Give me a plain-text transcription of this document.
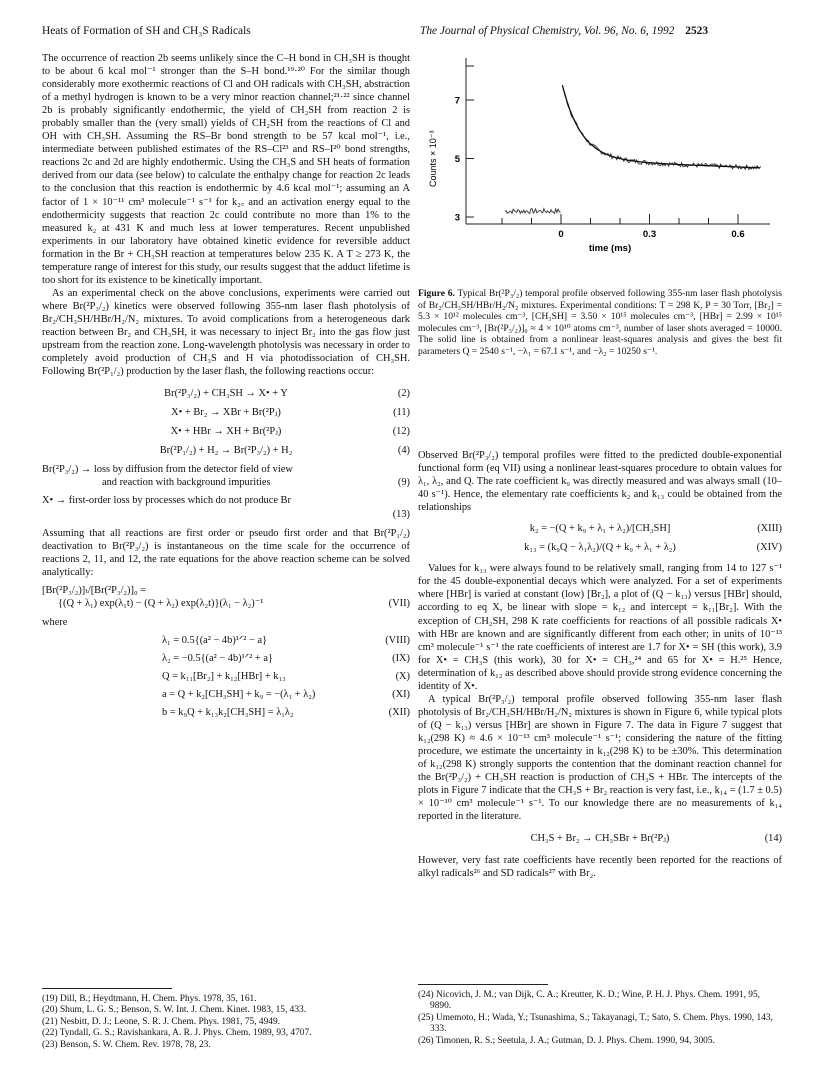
Heats of Formation of SH and CH₃S Radicals	The Journal of Physical Chemistry, Vol. 96, No. 6, 1992 2523

The occurrence of reaction 2b seems unlikely since the C–H bond in CH₃SH is thought to be about 6 kcal mol⁻¹ stronger than the S–H bond.¹⁹·²⁰ For the similar though considerably more exothermic reactions of Cl and OH radicals with CH₃SH, abstraction of a methyl hydrogen is known to be a very minor reaction channel;²¹·²² since channel 2b is probably significantly endothermic, the yield of CH₂SH from reaction 2 is probably smaller than the (very small) yields of CH₂SH from the reactions of Cl and OH with CH₃SH. Assuming the RS–Br bond strength to be 57 kcal mol⁻¹, i.e., intermediate between published estimates of the RS–Cl²³ and RS–I²⁰ bond strengths, reactions 2c and 2d are highly endothermic. Using the CH₃S and SH heats of formation derived from our data (see below) to calculate the enthalpy change for reaction 2c leads to the conclusion that this reaction is endothermic by 4.6 kcal mol⁻¹; assuming an A factor of 1 × 10⁻¹¹ cm³ molecule⁻¹ s⁻¹ for k₂꜀ and an activation energy equal to the endothermicity suggests that reaction 2c could contribute no more than 1% to the measured k₂ at 431 K and much less at lower temperatures. Recent unpublished experiments in our laboratory have obtained kinetic evidence for reversible adduct formation in the Br + CH₃SH reaction at temperatures below 235 K. A T ≥ 273 K, the temperature range of interest for this study, our results suggest that the adduct lifetime is too short for its existence to be kinetically important.

As an experimental check on the above conclusions, experiments were carried out where Br(²P₃/₂) kinetics were observed following 355-nm laser flash photolysis of Br₂/CH₃SH/HBr/H₂/N₂ mixtures. To avoid complications from a heterogeneous dark reaction between Br₂ and CH₃SH, it was necessary to inject Br₂ into the gas flow just upstream from the reaction zone. Long-wavelength photolysis was necessary in order to completely avoid production of CH₃S and H via photodissociation of CH₃SH. Following Br(²P₁/₂) production by the laser flash, the following reactions occur:

Br(²P₃/₂) + CH₃SH → X• + Y	(2)
X• + Br₂ → XBr + Br(²Pⱼ)	(11)
X• + HBr → XH + Br(²Pⱼ)	(12)
Br(²P₁/₂) + H₂ → Br(²P₃/₂) + H₂	(4)
Br(²P₃/₂) → loss by diffusion from the detector field of view
and reaction with background impurities	(9)
X• → first-order loss by processes which do not produce Br
(13)

Assuming that all reactions are first order or pseudo first order and that Br(²P₁/₂) deactivation to Br(²P₃/₂) is instantaneous on the time scale for the occurrence of reactions 2, 11, and 12, the rate equations for the above reaction scheme can be solved analytically:

[Br(²P₃/₂)]ₜ/[Br(²P₃/₂)]₀ =
{(Q + λ₁) exp(λ₁t) − (Q + λ₂) exp(λ₂t)}(λ₁ − λ₂)⁻¹	(VII)
where
λ₁ = 0.5{(a² − 4b)¹ᐟ² − a}	(VIII)
λ₂ = −0.5{(a² − 4b)¹ᐟ² + a}	(IX)
Q = k₁₁[Br₂] + k₁₂[HBr] + k₁₃	(X)
a = Q + k₂[CH₃SH] + k₉ = −(λ₁ + λ₂)	(XI)
b = k₉Q + k₁₃k₂[CH₃SH] = λ₁λ₂	(XII)
(19) Dill, B.; Heydtmann, H. Chem. Phys. 1978, 35, 161.
(20) Shum, L. G. S.; Benson, S. W. Int. J. Chem. Kinet. 1983, 15, 433.
(21) Nesbitt, D. J.; Leone, S. R. J. Chem. Phys. 1981, 75, 4949.
(22) Tyndall, G. S.; Ravishankara, A. R. J. Phys. Chem. 1989, 93, 4707.
(23) Benson, S. W. Chem. Rev. 1978, 78, 23.
Counts × 10⁻³
3
5
7
0	0.3	0.6
time (ms)
Figure 6. Typical Br(²P₃/₂) temporal profile observed following 355-nm laser flash photolysis of Br₂/CH₃SH/HBr/H₂/N₂ mixtures. Experimental conditions: T = 298 K, P = 30 Torr, [Br₂] = 5.3 × 10¹² molecules cm⁻³, [CH₃SH] = 3.50 × 10¹⁵ molecules cm⁻³, [HBr] = 2.99 × 10¹⁵ molecules cm⁻³, [Br(²P₃/₂)]₀ ≈ 4 × 10¹⁰ atoms cm⁻³, number of laser shots averaged = 10000. The solid line is obtained from a nonlinear least-squares analysis and gives the best fit parameters Q = 2540 s⁻¹, −λ₁ = 67.1 s⁻¹, and −λ₂ = 10250 s⁻¹.

Observed Br(²P₃/₂) temporal profiles were fitted to the predicted double-exponential functional form (eq VII) using a nonlinear least-squares procedure to obtain values for λ₁, λ₂, and Q. The rate coefficient k₉ was directly measured and was always small (10–40 s⁻¹). Hence, the elementary rate coefficients k₂ and k₁₃ could be obtained from the relationships

k₂ = −(Q + k₉ + λ₁ + λ₂)/[CH₃SH]	(XIII)
k₁₃ = (k₉Q − λ₁λ₂)/(Q + k₉ + λ₁ + λ₂)	(XIV)

Values for k₁₃ were always found to be relatively small, ranging from 14 to 127 s⁻¹ for the 45 double-exponential decays which were analyzed. For a set of experiments where [HBr] is varied at constant (low) [Br₂], a plot of (Q − k₁₃) versus [HBr] should, according to eq X, be linear with slope = k₁₂ and intercept = k₁₁[Br₂]. With the exception of CH₂SH, 298 K rate coefficients for reactions of all possible radicals X• with HBr are known and are significantly different from each other; in units of 10⁻¹³ cm³ molecule⁻¹ s⁻¹ the rate coefficients of interest are 1.7 for X• = SH (this work), 3.9 for X• = CH₃S (this work), 30 for X• = CH₃,²⁴ and 65 for X• = H.²⁵ Hence, determination of k₁₂ as described above should provide strong evidence concerning the identity of X•.

A typical Br(²P₃/₂) temporal profile observed following 355-nm laser flash photolysis of Br₂/CH₃SH/HBr/H₂/N₂ mixtures is shown in Figure 6, while typical plots of (Q − k₁₃) versus [HBr] are shown in Figure 7. The data in Figure 7 suggest that k₁₂(298 K) ≈ 4.6 × 10⁻¹³ cm³ molecule⁻¹ s⁻¹; considering the nature of the fitting procedure, we estimate the uncertainty in k₁₂(298 K) to be ±30%. This determination of k₁₂(298 K) strongly supports the contention that the dominant reaction channel for the Br(²P₃/₂) + CH₃SH reaction is production of CH₃S + HBr. The intercepts of the plots in Figure 7 indicate that the CH₃S + Br₂ reaction is very fast, i.e., k₁₄ = (1.7 ± 0.5) × 10⁻¹⁰ cm³ molecule⁻¹ s⁻¹. To our knowledge there are no measurements of k₁₄ reported in the literature.

CH₃S + Br₂ → CH₃SBr + Br(²Pⱼ)	(14)

However, very fast rate coefficients have recently been reported for the reactions of alkyl radicals²⁶ and SD radicals²⁷ with Br₂.

(24) Nicovich, J. M.; van Dijk, C. A.; Kreutter, K. D.; Wine, P. H. J. Phys. Chem. 1991, 95, 9890.
(25) Umemoto, H.; Wada, Y.; Tsunashima, S.; Takayanagi, T.; Sato, S. Chem. Phys. 1990, 143, 333.
(26) Timonen, R. S.; Seetula, J. A.; Gutman, D. J. Phys. Chem. 1990, 94, 3005.
